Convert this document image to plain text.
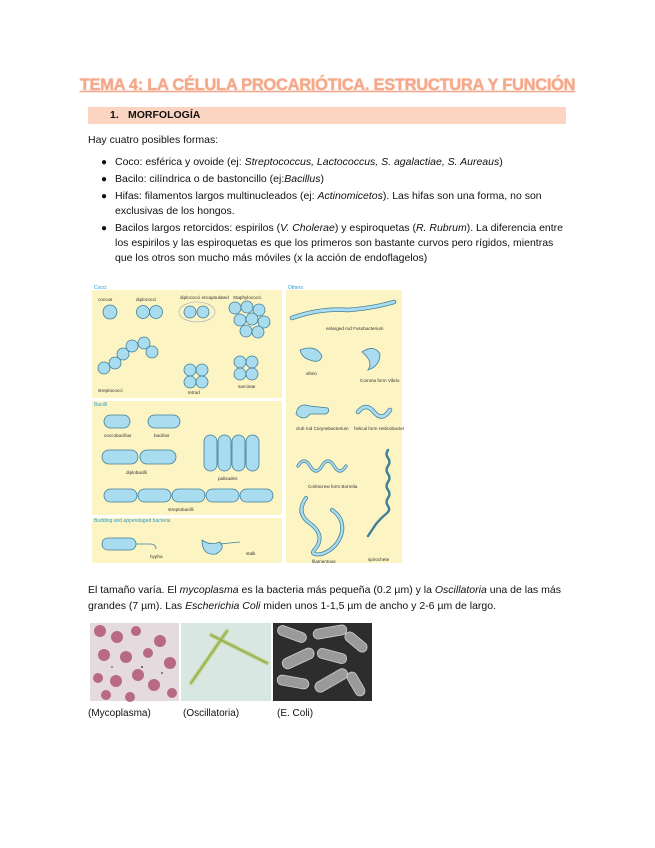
TEMA 4: LA CÉLULA PROCARIÓTICA. ESTRUCTURA Y FUNCIÓN
1. MORFOLOGÍA
Hay cuatro posibles formas:
● Coco: esférica y ovoide (ej: Streptococcus, Lactococcus, S. agalactiae, S. Aureaus)
● Bacilo: cilíndrica o de bastoncillo (ej:Bacillus)
● Hifas: filamentos largos multinucleados (ej: Actinomicetos). Las hifas son una forma, no son exclusivas de los hongos.
● Bacilos largos retorcidos: espirilos (V. Cholerae) y espiroquetas (R. Rubrum). La diferencia entre los espirilos y las espiroquetas es que los primeros son bastante curvos pero rígidos, mientras que los otros son mucho más móviles (x la acción de endoflagelos)
Cocci	Others
Bacilli
Budding and appendaged bacteria
coccus	diplococci	diplococci encapsulated Staphylococci
streptococci	tetrad
sarcinae
coccobacillus	bacillus
diplobacilli
palisades
streptobacilli
hypha
stalk
enlarged rod Fusobacterium
vibrio
Comma form Vibrio
club rod Corynebacterium helical form Helicobacter
Corkscrew form Borrelia
filamentous	spirochete
El tamaño varía. El mycoplasma es la bacteria más pequeña (0.2 µm) y la Oscillatoria una de las más grandes (7 µm). Las Escherichia Coli miden unos 1-1,5 µm de ancho y 2-6 µm de largo.
(Mycoplasma)	(Oscillatoria)	(E. Coli)
